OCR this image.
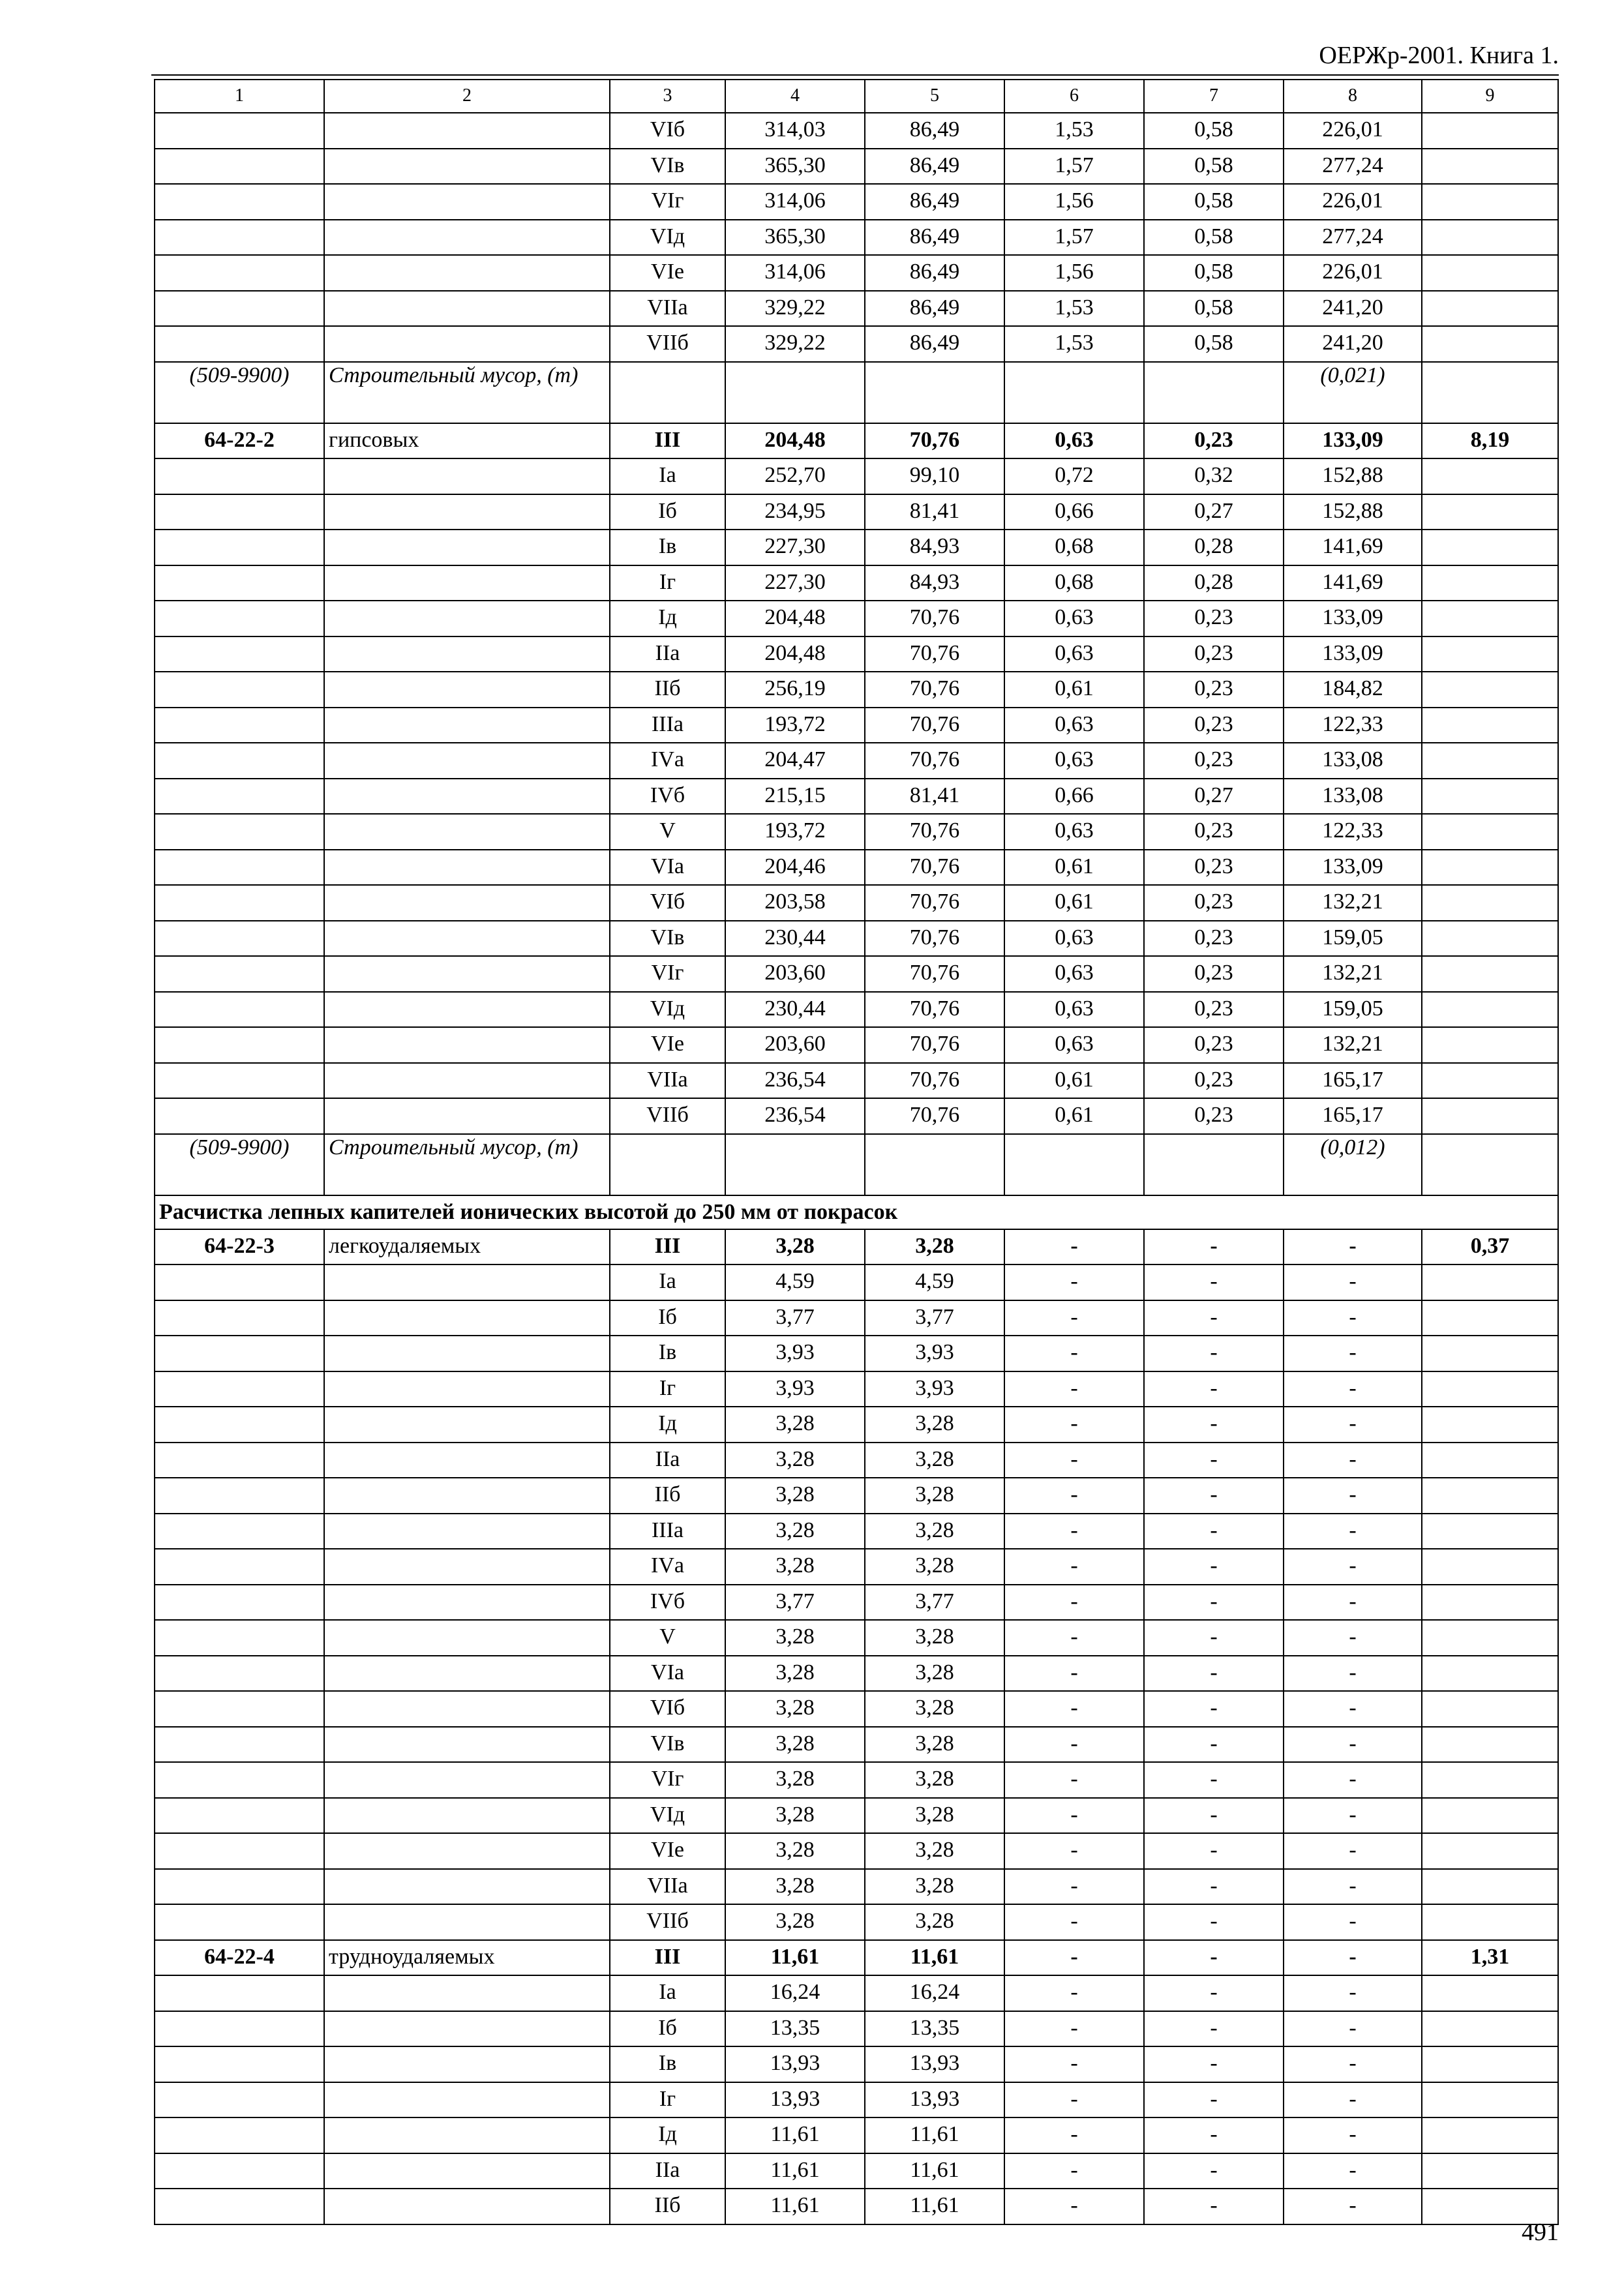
ОЕРЖр-2001. Книга 1.
1	2	3	4	5	6	7	8	9
		VIб	314,03	86,49	1,53	0,58	226,01	
		VIв	365,30	86,49	1,57	0,58	277,24	
		VIг	314,06	86,49	1,56	0,58	226,01	
		VIд	365,30	86,49	1,57	0,58	277,24	
		VIе	314,06	86,49	1,56	0,58	226,01	
		VIIа	329,22	86,49	1,53	0,58	241,20	
		VIIб	329,22	86,49	1,53	0,58	241,20	
(509-9900)	Строительный мусор, (т)						(0,021)	
64-22-2	гипсовых	III	204,48	70,76	0,63	0,23	133,09	8,19
		Iа	252,70	99,10	0,72	0,32	152,88	
		Iб	234,95	81,41	0,66	0,27	152,88	
		Iв	227,30	84,93	0,68	0,28	141,69	
		Iг	227,30	84,93	0,68	0,28	141,69	
		Iд	204,48	70,76	0,63	0,23	133,09	
		IIа	204,48	70,76	0,63	0,23	133,09	
		IIб	256,19	70,76	0,61	0,23	184,82	
		IIIа	193,72	70,76	0,63	0,23	122,33	
		IVа	204,47	70,76	0,63	0,23	133,08	
		IVб	215,15	81,41	0,66	0,27	133,08	
		V	193,72	70,76	0,63	0,23	122,33	
		VIа	204,46	70,76	0,61	0,23	133,09	
		VIб	203,58	70,76	0,61	0,23	132,21	
		VIв	230,44	70,76	0,63	0,23	159,05	
		VIг	203,60	70,76	0,63	0,23	132,21	
		VIд	230,44	70,76	0,63	0,23	159,05	
		VIе	203,60	70,76	0,63	0,23	132,21	
		VIIа	236,54	70,76	0,61	0,23	165,17	
		VIIб	236,54	70,76	0,61	0,23	165,17	
(509-9900)	Строительный мусор, (т)						(0,012)	
Расчистка лепных капителей ионических высотой до 250 мм от покрасок								
64-22-3	легкоудаляемых	III	3,28	3,28	-	-	-	0,37
		Iа	4,59	4,59	-	-	-	
		Iб	3,77	3,77	-	-	-	
		Iв	3,93	3,93	-	-	-	
		Iг	3,93	3,93	-	-	-	
		Iд	3,28	3,28	-	-	-	
		IIа	3,28	3,28	-	-	-	
		IIб	3,28	3,28	-	-	-	
		IIIа	3,28	3,28	-	-	-	
		IVа	3,28	3,28	-	-	-	
		IVб	3,77	3,77	-	-	-	
		V	3,28	3,28	-	-	-	
		VIа	3,28	3,28	-	-	-	
		VIб	3,28	3,28	-	-	-	
		VIв	3,28	3,28	-	-	-	
		VIг	3,28	3,28	-	-	-	
		VIд	3,28	3,28	-	-	-	
		VIе	3,28	3,28	-	-	-	
		VIIа	3,28	3,28	-	-	-	
		VIIб	3,28	3,28	-	-	-	
64-22-4	трудноудаляемых	III	11,61	11,61	-	-	-	1,31
		Iа	16,24	16,24	-	-	-	
		Iб	13,35	13,35	-	-	-	
		Iв	13,93	13,93	-	-	-	
		Iг	13,93	13,93	-	-	-	
		Iд	11,61	11,61	-	-	-	
		IIа	11,61	11,61	-	-	-	
		IIб	11,61	11,61	-	-	-	
491
